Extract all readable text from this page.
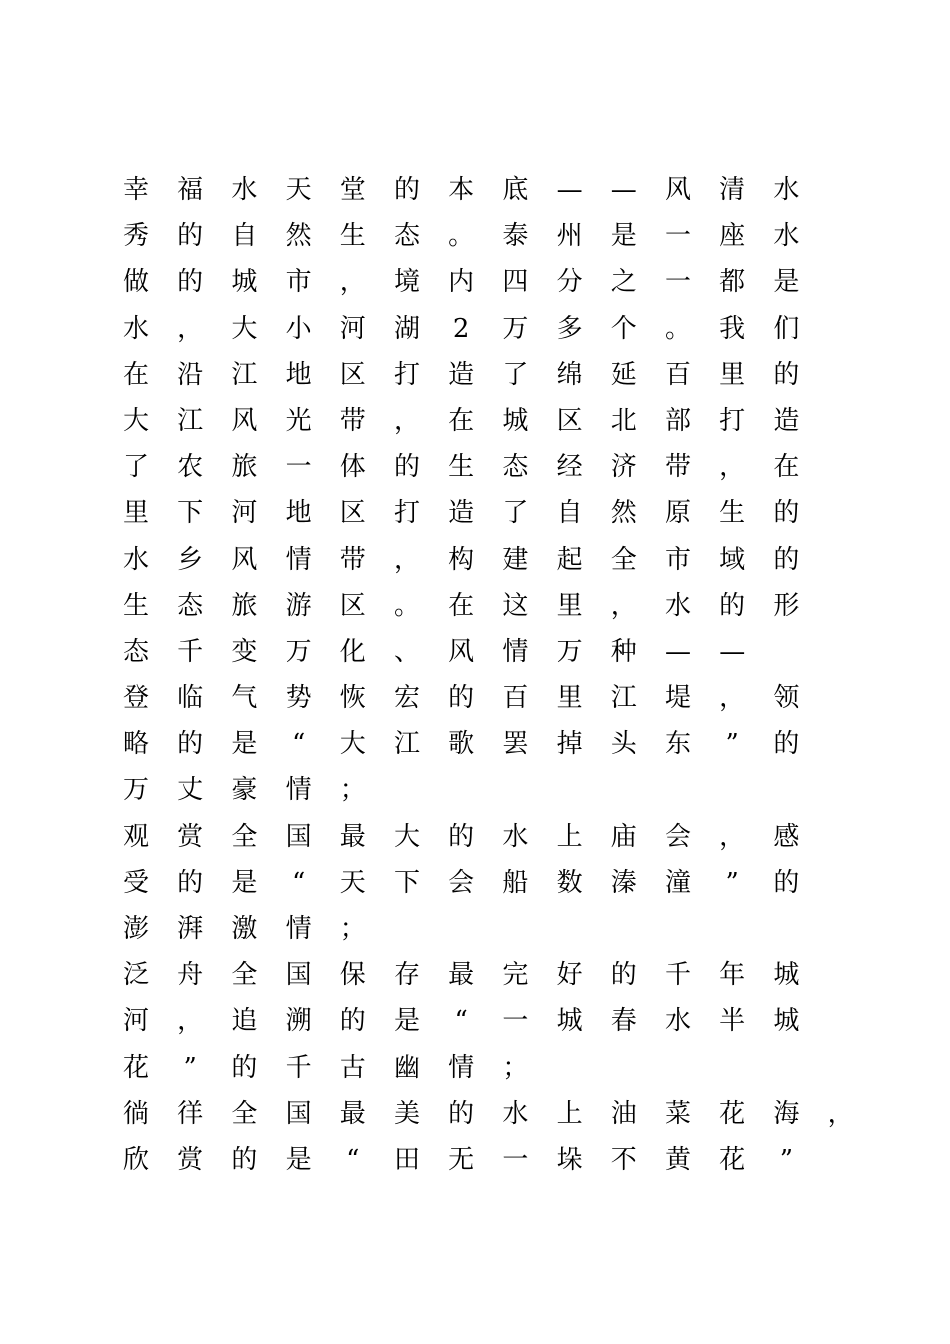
幸	福	水	天	堂	的	本	底	—	—	风	清	水
秀	的	自	然	生	态	。	泰	州	是	一	座	水
做	的	城	市	，	境	内	四	分	之	一	都	是
水	，	大	小	河	湖	2	万	多	个	。	我	们
在	沿	江	地	区	打	造	了	绵	延	百	里	的
大	江	风	光	带	，	在	城	区	北	部	打	造
了	农	旅	一	体	的	生	态	经	济	带	，	在
里	下	河	地	区	打	造	了	自	然	原	生	的
水	乡	风	情	带	，	构	建	起	全	市	域	的
生	态	旅	游	区	。	在	这	里	，	水	的	形
态	千	变	万	化	、	风	情	万	种	—	—
登	临	气	势	恢	宏	的	百	里	江	堤	，	领
略	的	是	“	大	江	歌	罢	掉	头	东	”	的
万	丈	豪	情	；
观	赏	全	国	最	大	的	水	上	庙	会	，	感
受	的	是	“	天	下	会	船	数	溱	潼	”	的
澎	湃	激	情	；
泛	舟	全	国	保	存	最	完	好	的	千	年	城
河	，	追	溯	的	是	“	一	城	春	水	半	城
花	”	的	千	古	幽	情	；
徜	徉	全	国	最	美	的	水	上	油	菜	花	海	，
欣	赏	的	是	“	田	无	一	垛	不	黄	花	”
